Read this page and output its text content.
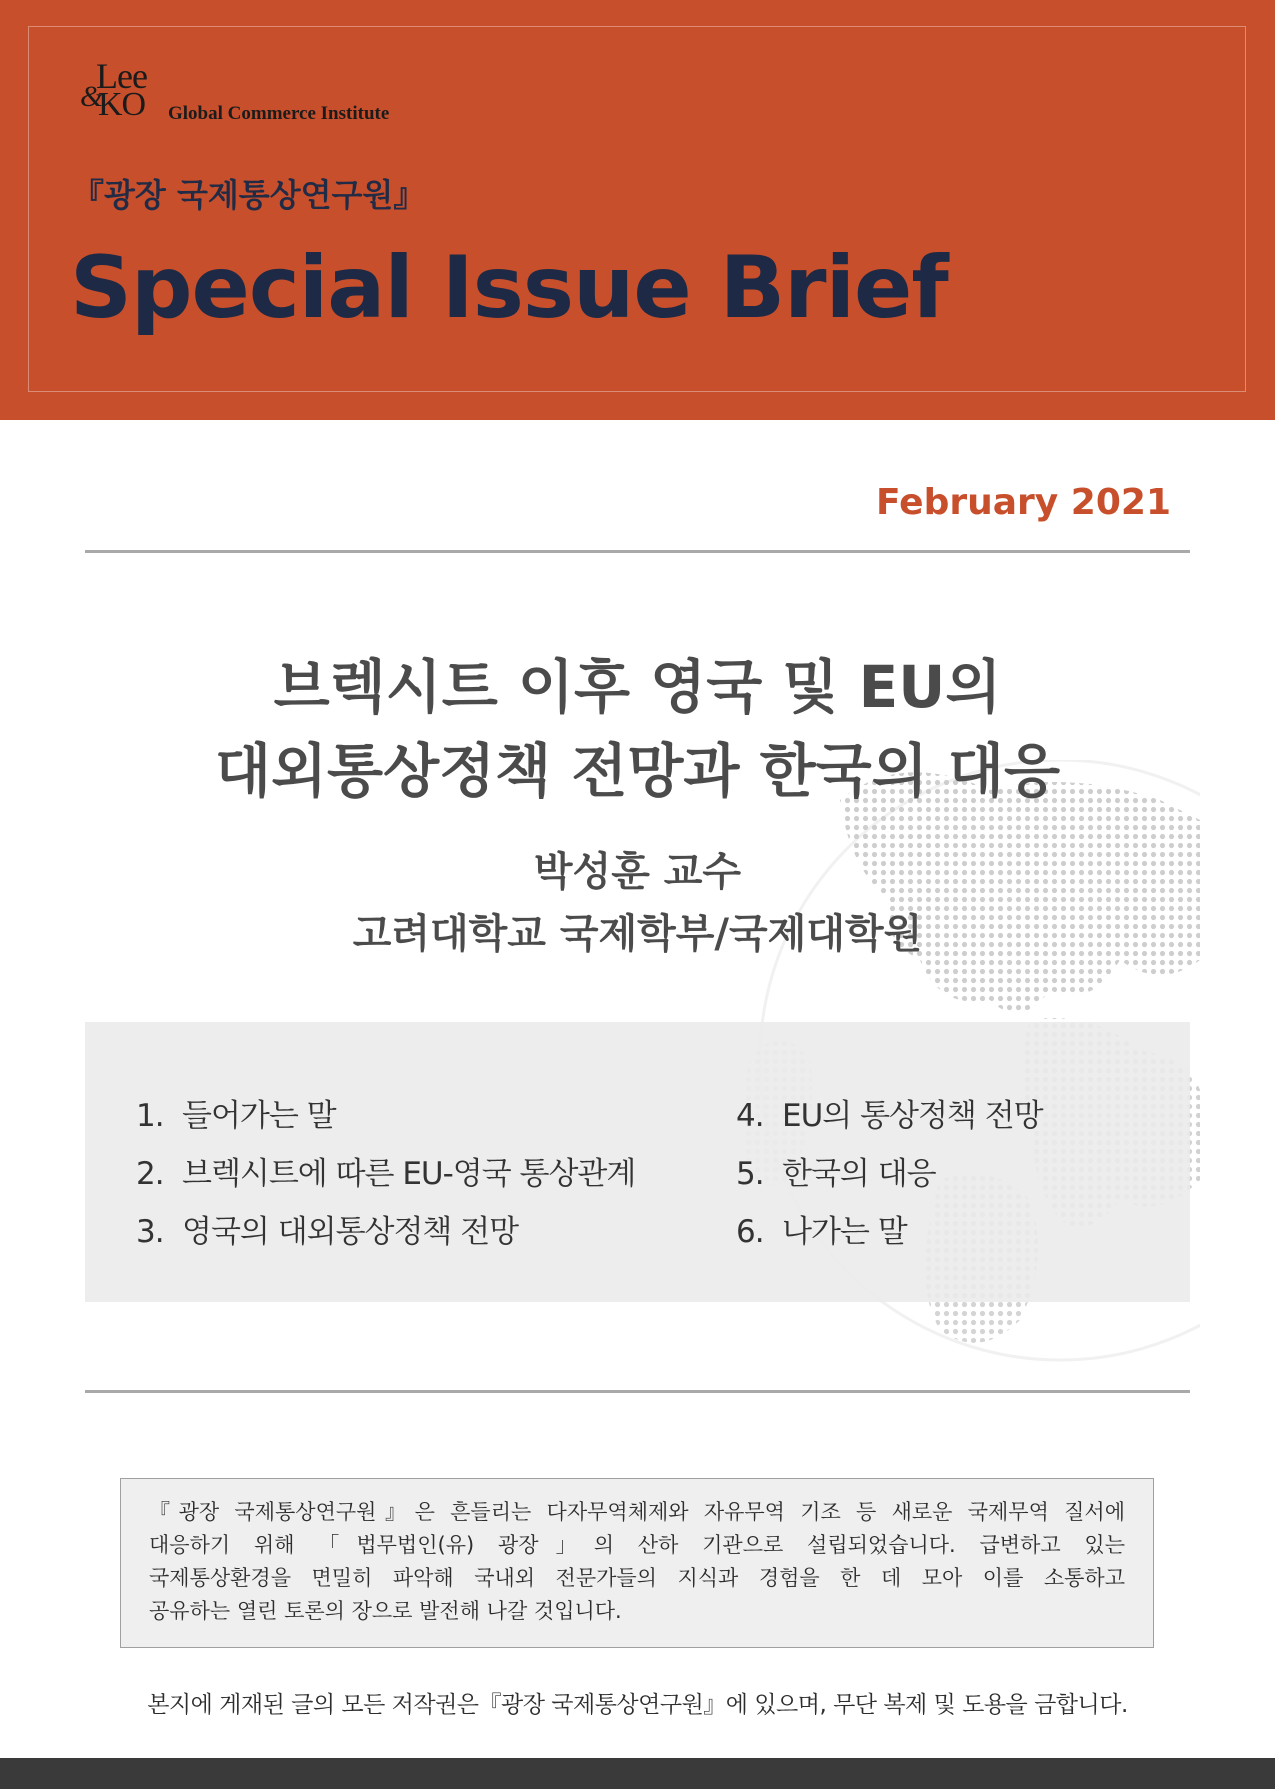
Lee
&
KO Global Commerce Institute
『광장 국제통상연구원』
Special Issue Brief
February 2021
브렉시트 이후 영국 및 EU의
대외통상정책 전망과 한국의 대응
박성훈 교수
고려대학교 국제학부/국제대학원
1. 들어가는 말
2. 브렉시트에 따른 EU-영국 통상관계
3. 영국의 대외통상정책 전망
4. EU의 통상정책 전망
5. 한국의 대응
6. 나가는 말

『광장 국제통상연구원』은 흔들리는 다자무역체제와 자유무역 기조 등 새로운 국제무역 질서에

대응하기 위해 「법무법인(유) 광장」의 산하 기관으로 설립되었습니다. 급변하고 있는

국제통상환경을 면밀히 파악해 국내외 전문가들의 지식과 경험을 한 데 모아 이를 소통하고

공유하는 열린 토론의 장으로 발전해 나갈 것입니다.

본지에 게재된 글의 모든 저작권은『광장 국제통상연구원』에 있으며, 무단 복제 및 도용을 금합니다.
